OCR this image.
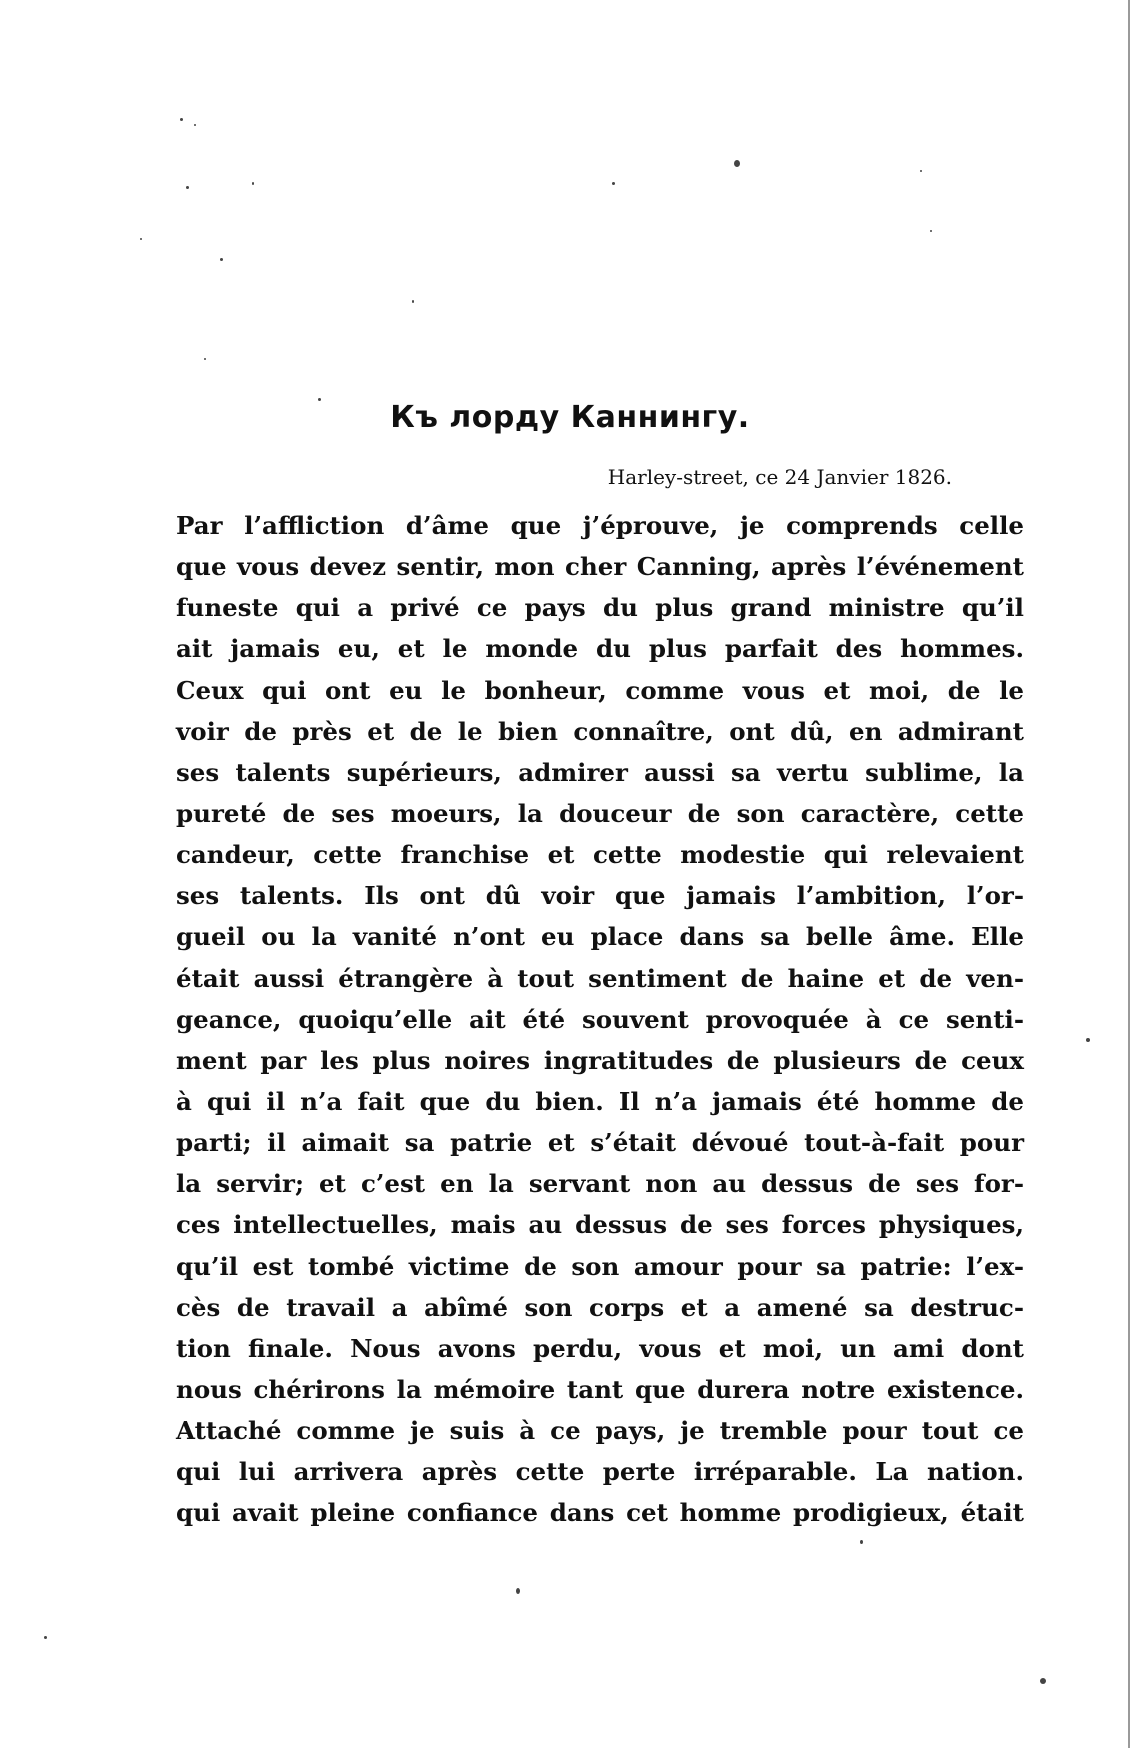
Къ лорду Каннингу.
Harley-street, ce 24 Janvier 1826.
Par l’affliction d’âme que j’éprouve, je comprends celle
que vous devez sentir, mon cher Canning, après l’événement
funeste qui a privé ce pays du plus grand ministre qu’il
ait jamais eu, et le monde du plus parfait des hommes.
Ceux qui ont eu le bonheur, comme vous et moi, de le
voir de près et de le bien connaître, ont dû, en admirant
ses talents supérieurs, admirer aussi sa vertu sublime, la
pureté de ses moeurs, la douceur de son caractère, cette
candeur, cette franchise et cette modestie qui relevaient
ses talents. Ils ont dû voir que jamais l’ambition, l’or-
gueil ou la vanité n’ont eu place dans sa belle âme. Elle
était aussi étrangère à tout sentiment de haine et de ven-
geance, quoiqu’elle ait été souvent provoquée à ce senti-
ment par les plus noires ingratitudes de plusieurs de ceux
à qui il n’a fait que du bien. Il n’a jamais été homme de
parti; il aimait sa patrie et s’était dévoué tout-à-fait pour
la servir; et c’est en la servant non au dessus de ses for-
ces intellectuelles, mais au dessus de ses forces physiques,
qu’il est tombé victime de son amour pour sa patrie: l’ex-
cès de travail a abîmé son corps et a amené sa destruc-
tion finale. Nous avons perdu, vous et moi, un ami dont
nous chérirons la mémoire tant que durera notre existence.
Attaché comme je suis à ce pays, je tremble pour tout ce
qui lui arrivera après cette perte irréparable. La nation.
qui avait pleine confiance dans cet homme prodigieux, était
